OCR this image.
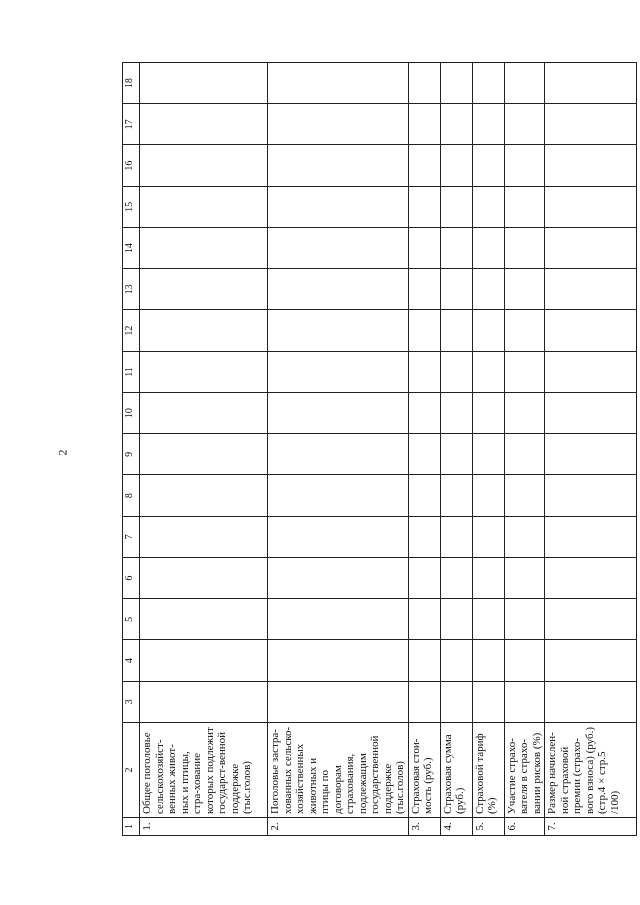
2
1	2	3	4	5	6	7	8	9	10	11	12	13	14	15	16	17	18
1.	Общее поголовье сельскохозяйст-венных живот-ных и птицы, стра-хование которых подлежит государст-венной поддержке (тыс.голов)																
2.	Поголовье застра-хованных сельско-хозяйственных животных и птицы по договорам страхования, подлежащим государственной поддержке (тыс.голов)																
3.	Страховая стои-мость (руб.)																
4.	Страховая сумма (руб.)																
5.	Страховой тариф (%)																
6.	Участие страхо-вателя в страхо-вании рисков (%)																
7.	Размер начислен-ной страховой премии (страхо-вого взноса) (руб.) (стр.4 × стр.5 /100)																
